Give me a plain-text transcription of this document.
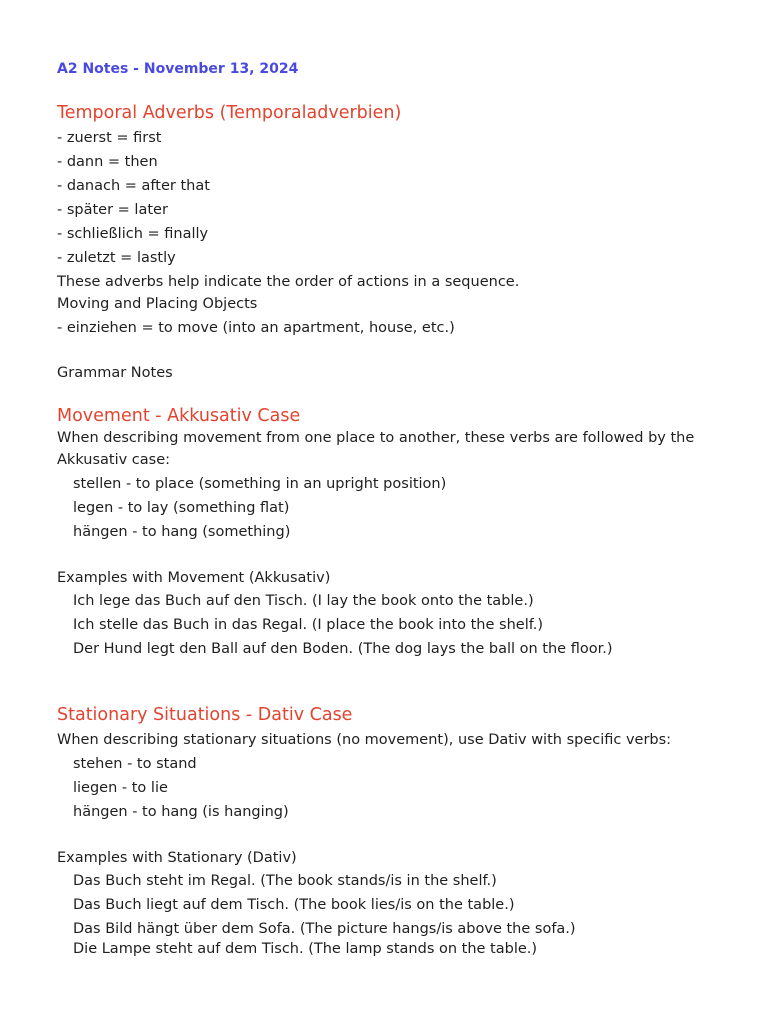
A2 Notes - November 13, 2024
Temporal Adverbs (Temporaladverbien)
- zuerst = first
- dann = then
- danach = after that
- später = later
- schließlich = finally
- zuletzt = lastly
These adverbs help indicate the order of actions in a sequence.
Moving and Placing Objects
- einziehen = to move (into an apartment, house, etc.)
Grammar Notes
Movement - Akkusativ Case
When describing movement from one place to another, these verbs are followed by the
Akkusativ case:
stellen - to place (something in an upright position)
legen - to lay (something flat)
hängen - to hang (something)
Examples with Movement (Akkusativ)
Ich lege das Buch auf den Tisch. (I lay the book onto the table.)
Ich stelle das Buch in das Regal. (I place the book into the shelf.)
Der Hund legt den Ball auf den Boden. (The dog lays the ball on the floor.)
Stationary Situations - Dativ Case
When describing stationary situations (no movement), use Dativ with specific verbs:
stehen - to stand
liegen - to lie
hängen - to hang (is hanging)
Examples with Stationary (Dativ)
Das Buch steht im Regal. (The book stands/is in the shelf.)
Das Buch liegt auf dem Tisch. (The book lies/is on the table.)
Das Bild hängt über dem Sofa. (The picture hangs/is above the sofa.)
Die Lampe steht auf dem Tisch. (The lamp stands on the table.)
